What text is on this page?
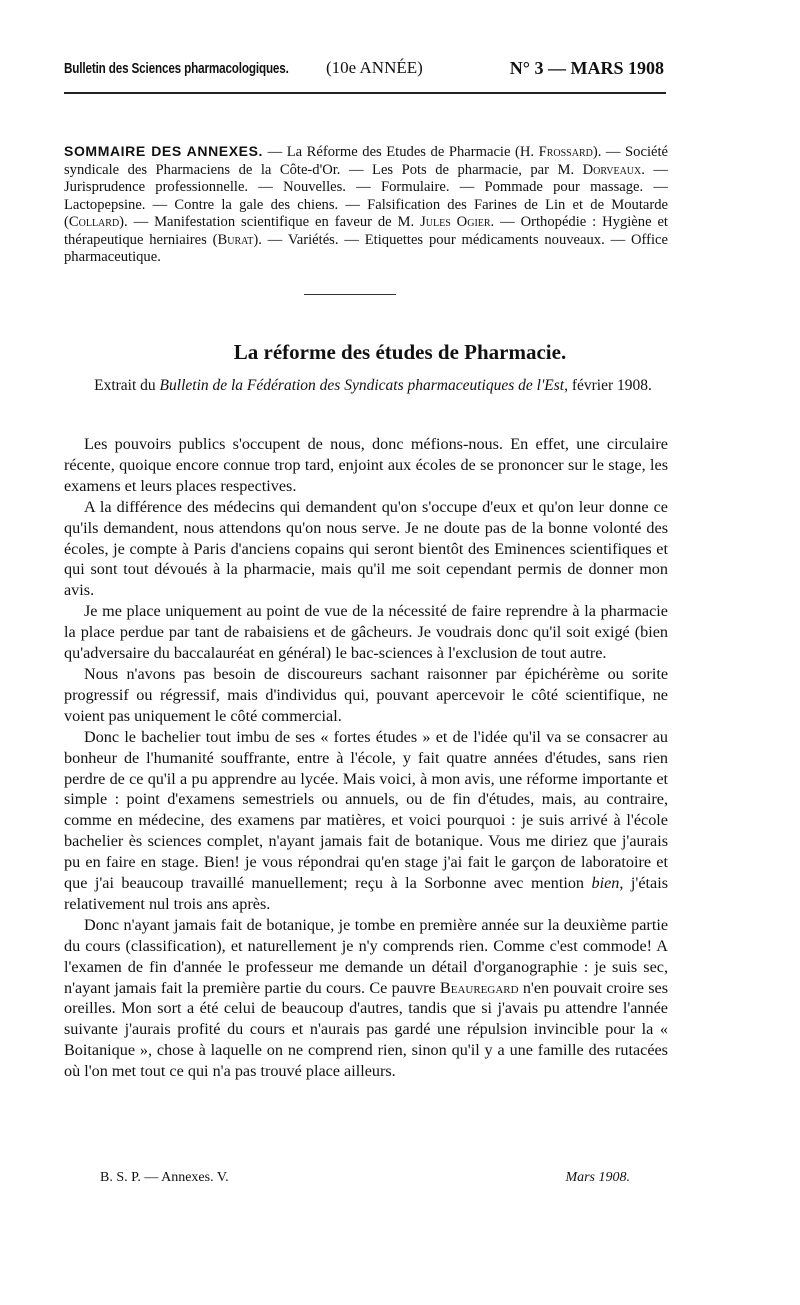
Bulletin des Sciences pharmacologiques. (10e ANNÉE)	N° 3 — MARS 1908
SOMMAIRE DES ANNEXES. — La Réforme des Etudes de Pharmacie (H. Frossard). — Société syndicale des Pharmaciens de la Côte-d'Or. — Les Pots de pharmacie, par M. Dorveaux. — Jurisprudence professionnelle. — Nouvelles. — Formulaire. — Pommade pour massage. — Lactopepsine. — Contre la gale des chiens. — Falsification des Farines de Lin et de Moutarde (Collard). — Manifestation scientifique en faveur de M. Jules Ogier. — Orthopédie : Hygiène et thérapeutique herniaires (Burat). — Variétés. — Etiquettes pour médicaments nouveaux. — Office pharmaceutique.
La réforme des études de Pharmacie.
Extrait du Bulletin de la Fédération des Syndicats pharmaceutiques de l'Est, février 1908.

Les pouvoirs publics s'occupent de nous, donc méfions-nous. En effet, une circulaire récente, quoique encore connue trop tard, enjoint aux écoles de se prononcer sur le stage, les examens et leurs places respectives.

A la différence des médecins qui demandent qu'on s'occupe d'eux et qu'on leur donne ce qu'ils demandent, nous attendons qu'on nous serve. Je ne doute pas de la bonne volonté des écoles, je compte à Paris d'anciens copains qui seront bientôt des Eminences scientifiques et qui sont tout dévoués à la pharmacie, mais qu'il me soit cependant permis de donner mon avis.

Je me place uniquement au point de vue de la nécessité de faire reprendre à la pharmacie la place perdue par tant de rabaisiens et de gâcheurs. Je voudrais donc qu'il soit exigé (bien qu'adversaire du baccalauréat en général) le bac-sciences à l'exclusion de tout autre.

Nous n'avons pas besoin de discoureurs sachant raisonner par épichérème ou sorite progressif ou régressif, mais d'individus qui, pouvant apercevoir le côté scientifique, ne voient pas uniquement le côté commercial.

Donc le bachelier tout imbu de ses « fortes études » et de l'idée qu'il va se consacrer au bonheur de l'humanité souffrante, entre à l'école, y fait quatre années d'études, sans rien perdre de ce qu'il a pu apprendre au lycée. Mais voici, à mon avis, une réforme importante et simple : point d'examens semestriels ou annuels, ou de fin d'études, mais, au contraire, comme en médecine, des examens par matières, et voici pourquoi : je suis arrivé à l'école bachelier ès sciences complet, n'ayant jamais fait de botanique. Vous me diriez que j'aurais pu en faire en stage. Bien! je vous répondrai qu'en stage j'ai fait le garçon de laboratoire et que j'ai beaucoup travaillé manuellement; reçu à la Sorbonne avec mention bien, j'étais relativement nul trois ans après.

Donc n'ayant jamais fait de botanique, je tombe en première année sur la deuxième partie du cours (classification), et naturellement je n'y comprends rien. Comme c'est commode! A l'examen de fin d'année le professeur me demande un détail d'organographie : je suis sec, n'ayant jamais fait la première partie du cours. Ce pauvre Beauregard n'en pouvait croire ses oreilles. Mon sort a été celui de beaucoup d'autres, tandis que si j'avais pu attendre l'année suivante j'aurais profité du cours et n'aurais pas gardé une répulsion invincible pour la « Boitanique », chose à laquelle on ne comprend rien, sinon qu'il y a une famille des rutacées où l'on met tout ce qui n'a pas trouvé place ailleurs.

B. S. P. — Annexes. V.	Mars 1908.
